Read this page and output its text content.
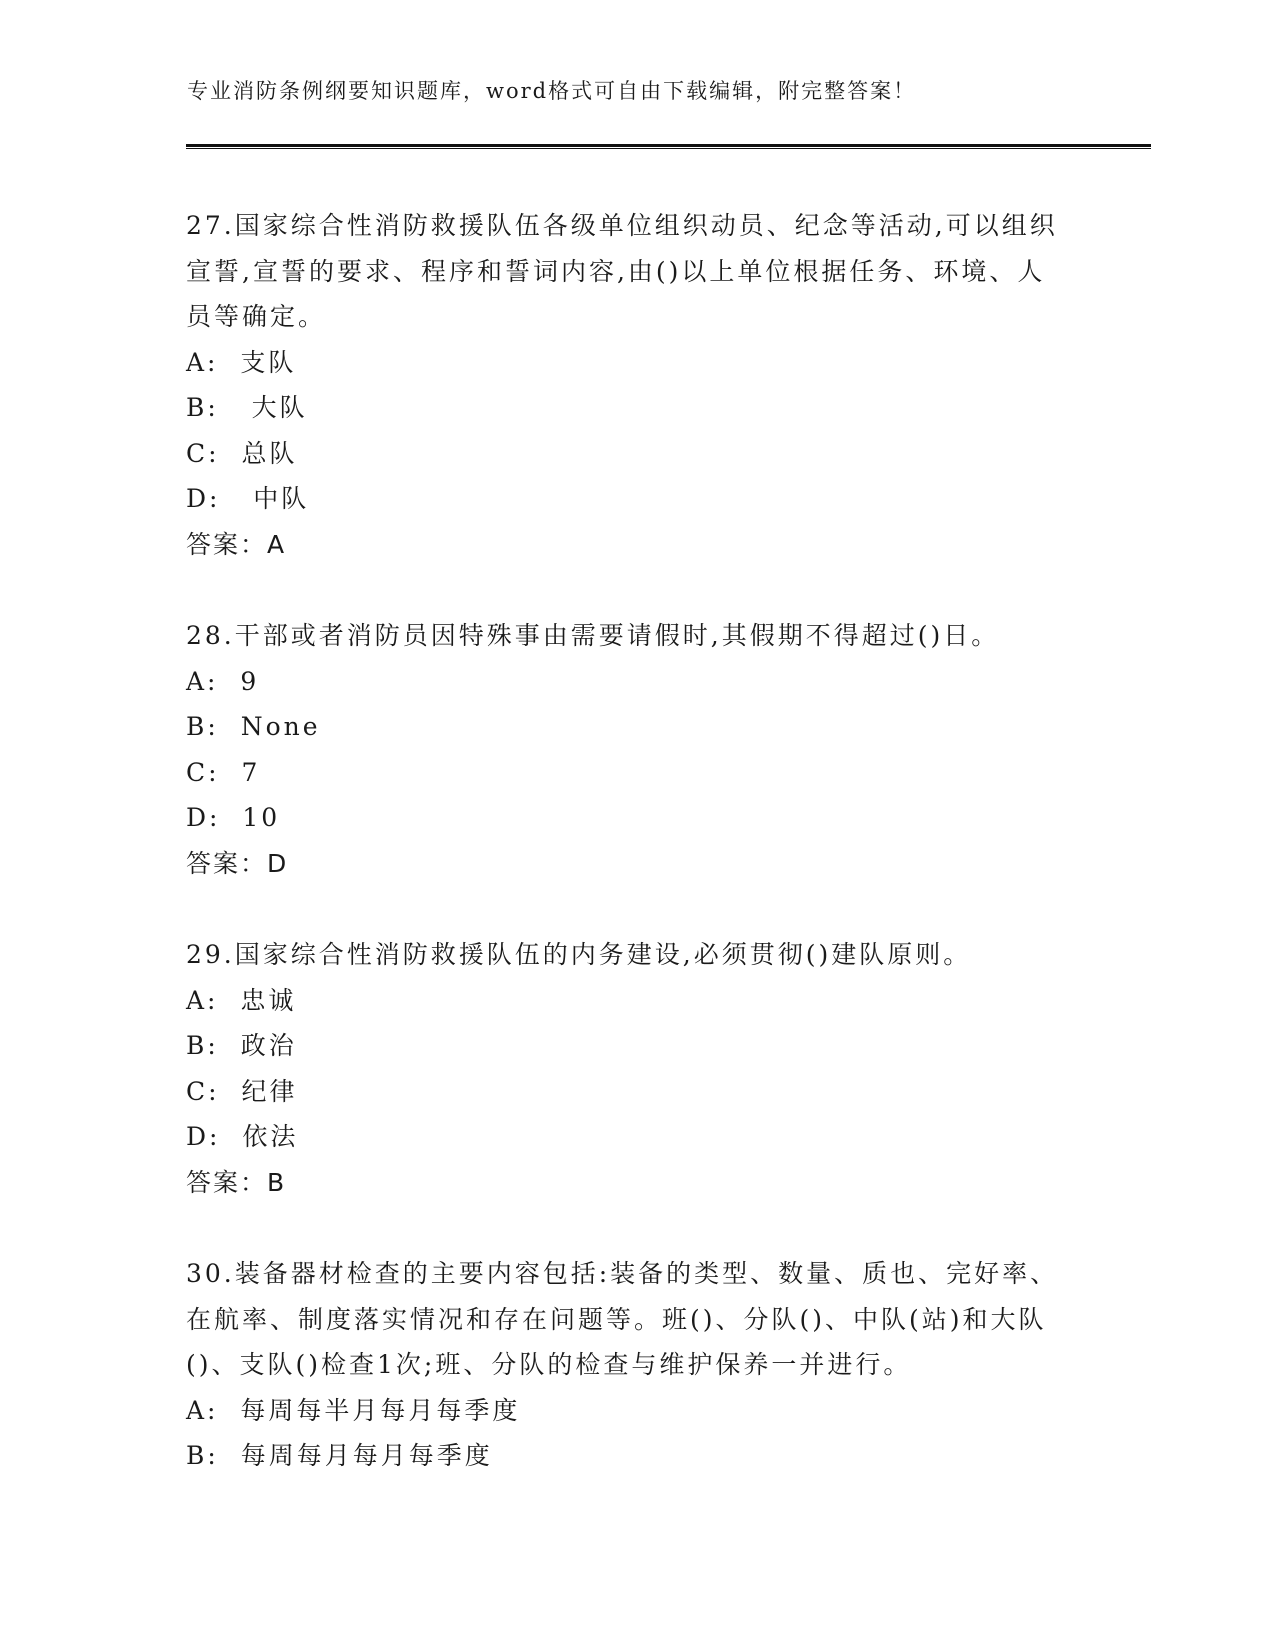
专业消防条例纲要知识题库，word格式可自由下载编辑，附完整答案！

27.国家综合性消防救援队伍各级单位组织动员、纪念等活动,可以组织宣誓,宣誓的要求、程序和誓词内容,由()以上单位根据任务、环境、人员等确定。

A:  支队

B:   大队

C:  总队

D:   中队

答案：A

28.干部或者消防员因特殊事由需要请假时,其假期不得超过()日。

A:  9

B:  None

C:  7

D:  10

答案：D

29.国家综合性消防救援队伍的内务建设,必须贯彻()建队原则。

A:  忠诚

B:  政治

C:  纪律

D:  依法

答案：B

30.装备器材检查的主要内容包括:装备的类型、数量、质也、完好率、在航率、制度落实情况和存在问题等。班()、分队()、中队(站)和大队()、支队()检查1次;班、分队的检查与维护保养一并进行。

A:  每周每半月每月每季度

B:  每周每月每月每季度
